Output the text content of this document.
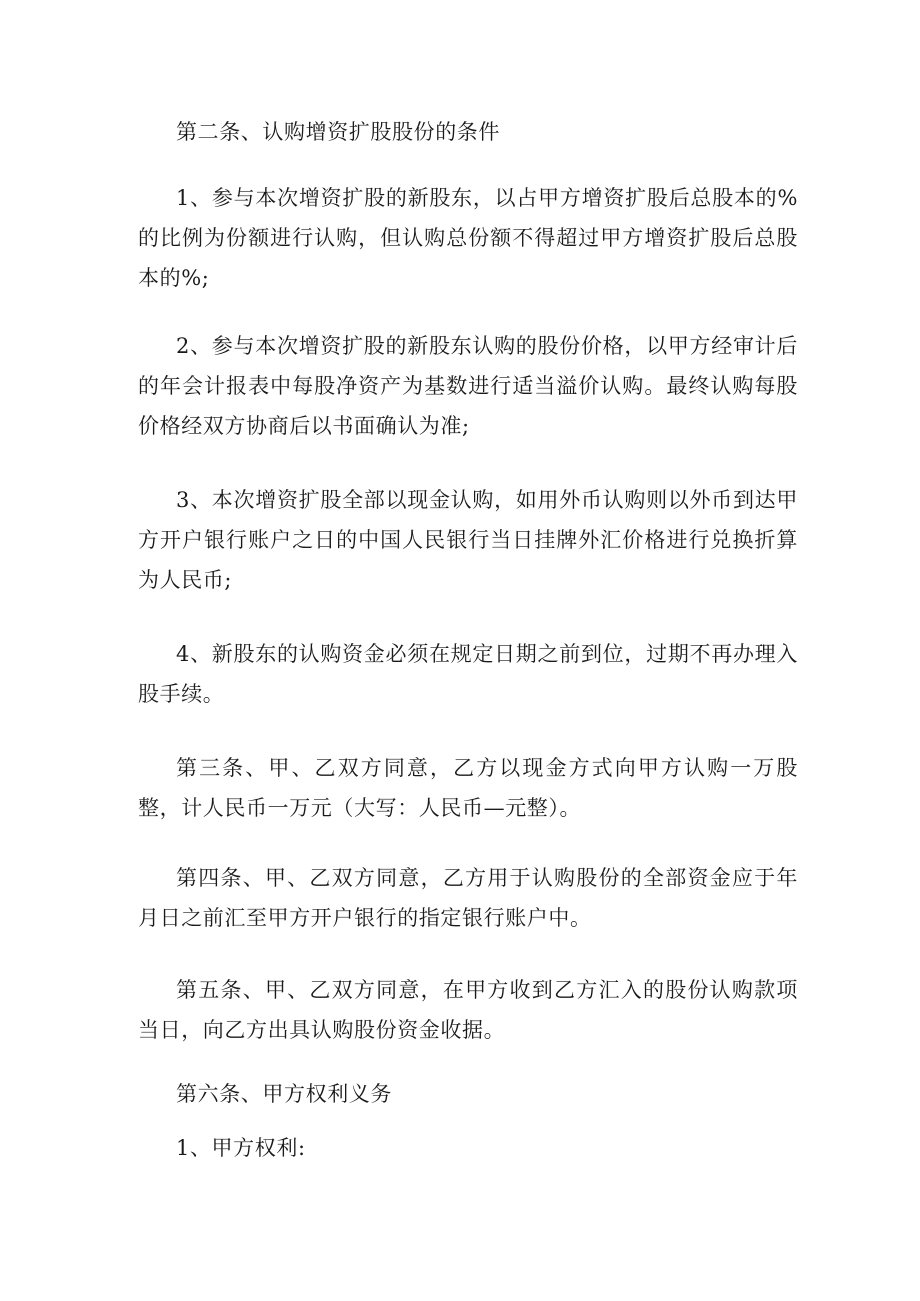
第二条、认购增资扩股股份的条件

1、参与本次增资扩股的新股东，以占甲方增资扩股后总股本的%的比例为份额进行认购，但认购总份额不得超过甲方增资扩股后总股本的%;

2、参与本次增资扩股的新股东认购的股份价格，以甲方经审计后的年会计报表中每股净资产为基数进行适当溢价认购。最终认购每股价格经双方协商后以书面确认为准;

3、本次增资扩股全部以现金认购，如用外币认购则以外币到达甲方开户银行账户之日的中国人民银行当日挂牌外汇价格进行兑换折算为人民币;

4、新股东的认购资金必须在规定日期之前到位，过期不再办理入股手续。

第三条、甲、乙双方同意，乙方以现金方式向甲方认购一万股整，计人民币一万元（大写：人民币—元整）。

第四条、甲、乙双方同意，乙方用于认购股份的全部资金应于年月日之前汇至甲方开户银行的指定银行账户中。

第五条、甲、乙双方同意，在甲方收到乙方汇入的股份认购款项当日，向乙方出具认购股份资金收据。

第六条、甲方权利义务

1、甲方权利:
